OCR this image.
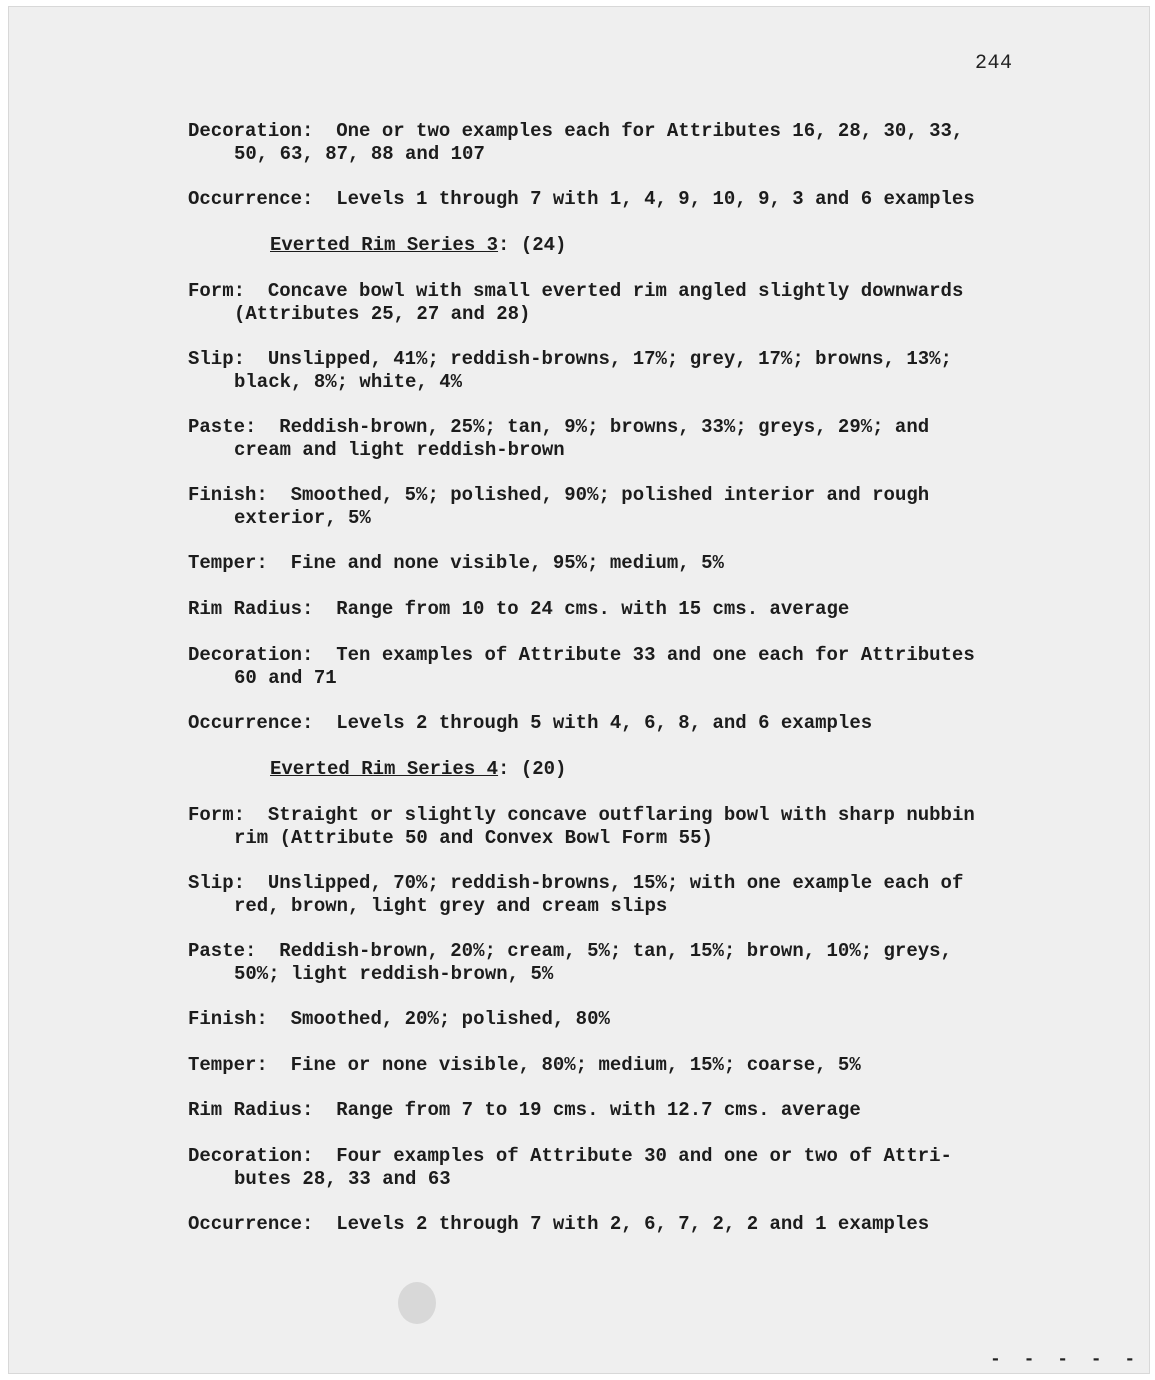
244
Decoration: One or two examples each for Attributes 16, 28, 30, 33,
50, 63, 87, 88 and 107
Occurrence: Levels 1 through 7 with 1, 4, 9, 10, 9, 3 and 6 examples
Everted Rim Series 3: (24)
Form: Concave bowl with small everted rim angled slightly downwards
(Attributes 25, 27 and 28)
Slip: Unslipped, 41%; reddish-browns, 17%; grey, 17%; browns, 13%;
black, 8%; white, 4%
Paste: Reddish-brown, 25%; tan, 9%; browns, 33%; greys, 29%; and
cream and light reddish-brown
Finish: Smoothed, 5%; polished, 90%; polished interior and rough
exterior, 5%
Temper: Fine and none visible, 95%; medium, 5%
Rim Radius: Range from 10 to 24 cms. with 15 cms. average
Decoration: Ten examples of Attribute 33 and one each for Attributes
60 and 71
Occurrence: Levels 2 through 5 with 4, 6, 8, and 6 examples
Everted Rim Series 4: (20)
Form: Straight or slightly concave outflaring bowl with sharp nubbin
rim (Attribute 50 and Convex Bowl Form 55)
Slip: Unslipped, 70%; reddish-browns, 15%; with one example each of
red, brown, light grey and cream slips
Paste: Reddish-brown, 20%; cream, 5%; tan, 15%; brown, 10%; greys,
50%; light reddish-brown, 5%
Finish: Smoothed, 20%; polished, 80%
Temper: Fine or none visible, 80%; medium, 15%; coarse, 5%
Rim Radius: Range from 7 to 19 cms. with 12.7 cms. average
Decoration: Four examples of Attribute 30 and one or two of Attri-
butes 28, 33 and 63
Occurrence: Levels 2 through 7 with 2, 6, 7, 2, 2 and 1 examples
- - - - -
